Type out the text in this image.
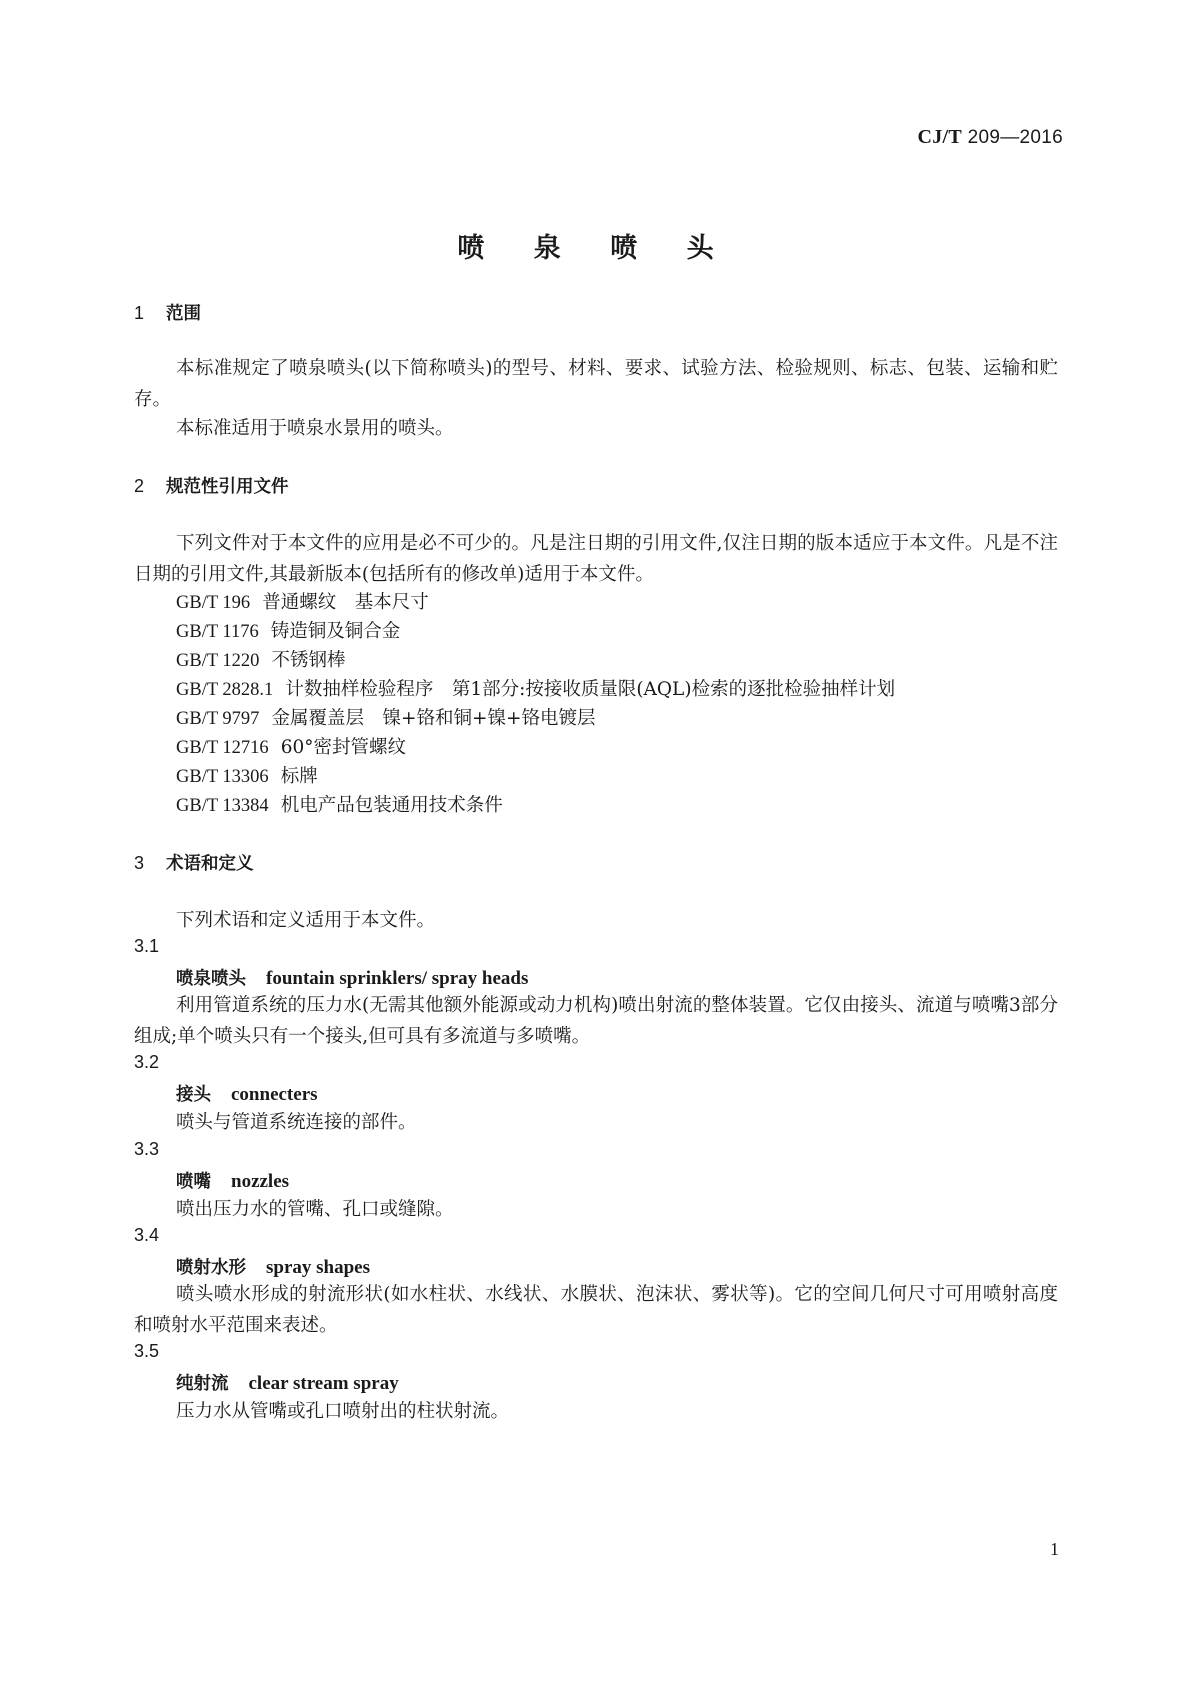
CJ/T 209—2016
喷 泉 喷 头
1 范围
本标准规定了喷泉喷头(以下简称喷头)的型号、材料、要求、试验方法、检验规则、标志、包装、运输和贮存。
本标准适用于喷泉水景用的喷头。
2 规范性引用文件
下列文件对于本文件的应用是必不可少的。凡是注日期的引用文件,仅注日期的版本适应于本文件。凡是不注日期的引用文件,其最新版本(包括所有的修改单)适用于本文件。
GB/T 196 普通螺纹　基本尺寸
GB/T 1176 铸造铜及铜合金
GB/T 1220 不锈钢棒
GB/T 2828.1 计数抽样检验程序　第1部分:按接收质量限(AQL)检索的逐批检验抽样计划
GB/T 9797 金属覆盖层　镍+铬和铜+镍+铬电镀层
GB/T 12716 60°密封管螺纹
GB/T 13306 标牌
GB/T 13384 机电产品包装通用技术条件
3 术语和定义
下列术语和定义适用于本文件。
3.1
喷泉喷头 fountain sprinklers/ spray heads
利用管道系统的压力水(无需其他额外能源或动力机构)喷出射流的整体装置。它仅由接头、流道与喷嘴3部分组成;单个喷头只有一个接头,但可具有多流道与多喷嘴。
3.2
接头 connecters
喷头与管道系统连接的部件。
3.3
喷嘴 nozzles
喷出压力水的管嘴、孔口或缝隙。
3.4
喷射水形 spray shapes
喷头喷水形成的射流形状(如水柱状、水线状、水膜状、泡沫状、雾状等)。它的空间几何尺寸可用喷射高度和喷射水平范围来表述。
3.5
纯射流 clear stream spray
压力水从管嘴或孔口喷射出的柱状射流。
1
